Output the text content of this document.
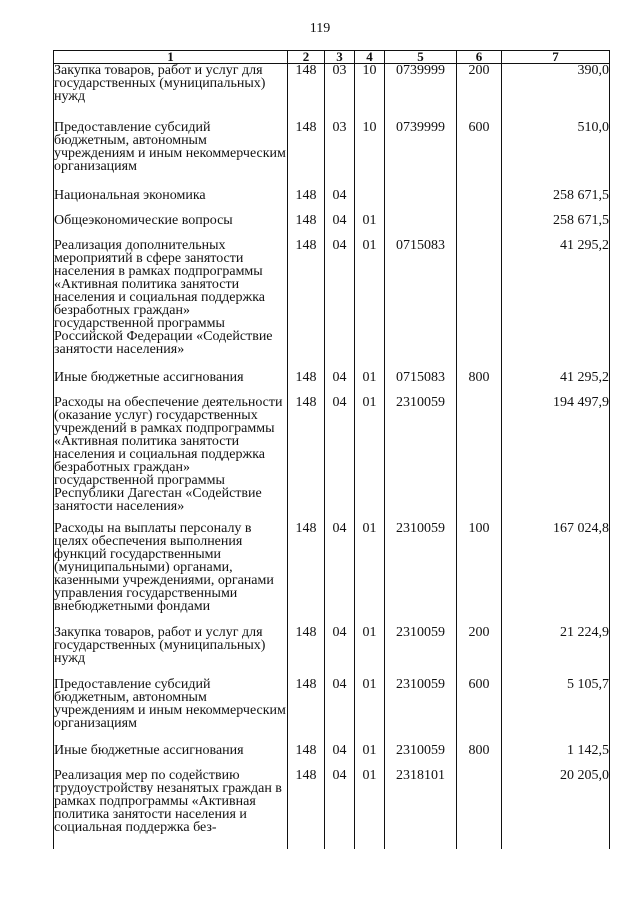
119
1	2	3	4	5	6	7
Закупка товаров, работ и услуг для государственных (муниципальных) нужд	148	03	10	0739999	200	390,0
Предоставление субсидий бюджетным, автономным учреждениям и иным некоммерческим организациям	148	03	10	0739999	600	510,0
Национальная экономика	148	04				258 671,5
Общеэкономические вопросы	148	04	01			258 671,5
Реализация дополнительных мероприятий в сфере занятости населения в рамках подпрограммы «Активная политика занятости населения и социальная поддержка безработных граждан» государственной программы Российской Федерации «Содействие занятости населения»	148	04	01	0715083		41 295,2
Иные бюджетные ассигнования	148	04	01	0715083	800	41 295,2
Расходы на обеспечение деятельности (оказание услуг) государственных учреждений в рамках подпрограммы «Активная политика занятости населения и социальная поддержка безработных граждан» государственной программы Республики Дагестан «Содействие занятости населения»	148	04	01	2310059		194 497,9
Расходы на выплаты персоналу в целях обеспечения выполнения функций государственными (муниципальными) органами, казенными учреждениями, органами управления государственными внебюджетными фондами	148	04	01	2310059	100	167 024,8
Закупка товаров, работ и услуг для государственных (муниципальных) нужд	148	04	01	2310059	200	21 224,9
Предоставление субсидий бюджетным, автономным учреждениям и иным некоммерческим организациям	148	04	01	2310059	600	5 105,7
Иные бюджетные ассигнования	148	04	01	2310059	800	1 142,5
Реализация мер по содействию трудоустройству незанятых граждан в рамках подпрограммы «Активная политика занятости населения и социальная поддержка без-	148	04	01	2318101		20 205,0
